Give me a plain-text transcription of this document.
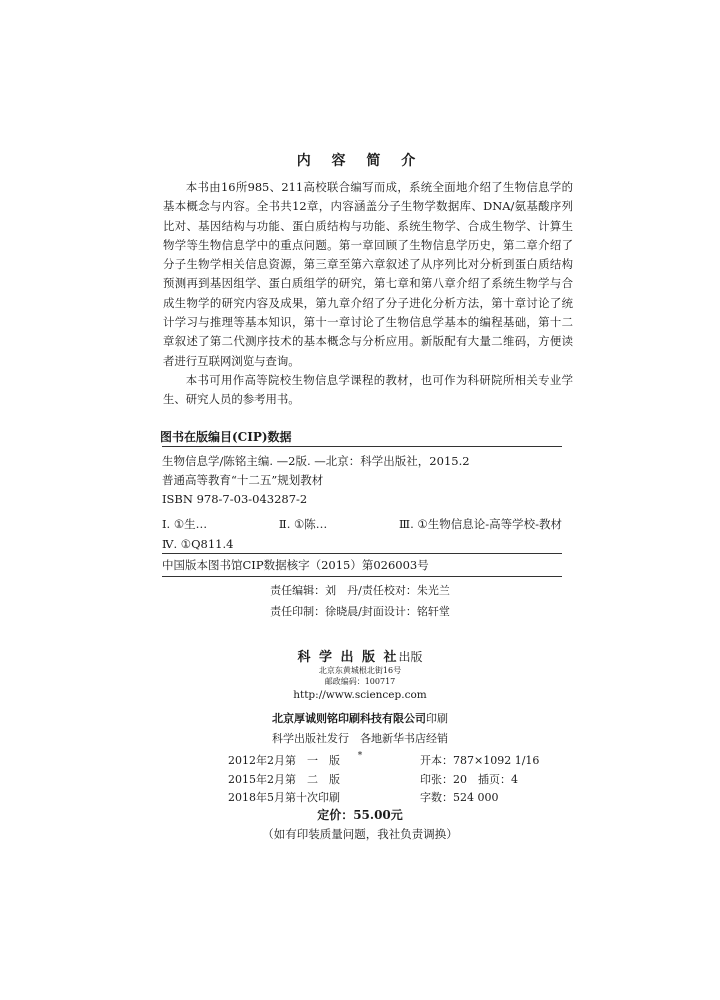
内 容 简 介

本书由16所985、211高校联合编写而成，系统全面地介绍了生物信息学的基本概念与内容。全书共12章，内容涵盖分子生物学数据库、DNA/氨基酸序列比对、基因结构与功能、蛋白质结构与功能、系统生物学、合成生物学、计算生物学等生物信息学中的重点问题。第一章回顾了生物信息学历史，第二章介绍了分子生物学相关信息资源，第三章至第六章叙述了从序列比对分析到蛋白质结构预测再到基因组学、蛋白质组学的研究，第七章和第八章介绍了系统生物学与合成生物学的研究内容及成果，第九章介绍了分子进化分析方法，第十章讨论了统计学习与推理等基本知识，第十一章讨论了生物信息学基本的编程基础，第十二章叙述了第二代测序技术的基本概念与分析应用。新版配有大量二维码，方便读者进行互联网浏览与查询。

本书可用作高等院校生物信息学课程的教材，也可作为科研院所相关专业学生、研究人员的参考用书。

图书在版编目(CIP)数据
生物信息学/陈铭主编. —2版. —北京：科学出版社，2015.2
普通高等教育“十二五”规划教材
ISBN 978-7-03-043287-2
Ⅰ. ①生…	Ⅱ. ①陈…	Ⅲ. ①生物信息论-高等学校-教材
Ⅳ. ①Q811.4
中国版本图书馆CIP数据核字（2015）第026003号
责任编辑：刘　丹/责任校对：朱光兰
责任印制：徐晓晨/封面设计：铭轩堂
科 学 出 版 社出版
北京东黄城根北街16号
邮政编码：100717
http://www.sciencep.com
北京厚诚则铭印刷科技有限公司印刷
科学出版社发行　各地新华书店经销
*
2012年2月第　一　版	开本：787×1092 1/16
2015年2月第　二　版	印张：20　插页：4
2018年5月第十次印刷	字数：524 000
定价：55.00元
（如有印装质量问题，我社负责调换）
